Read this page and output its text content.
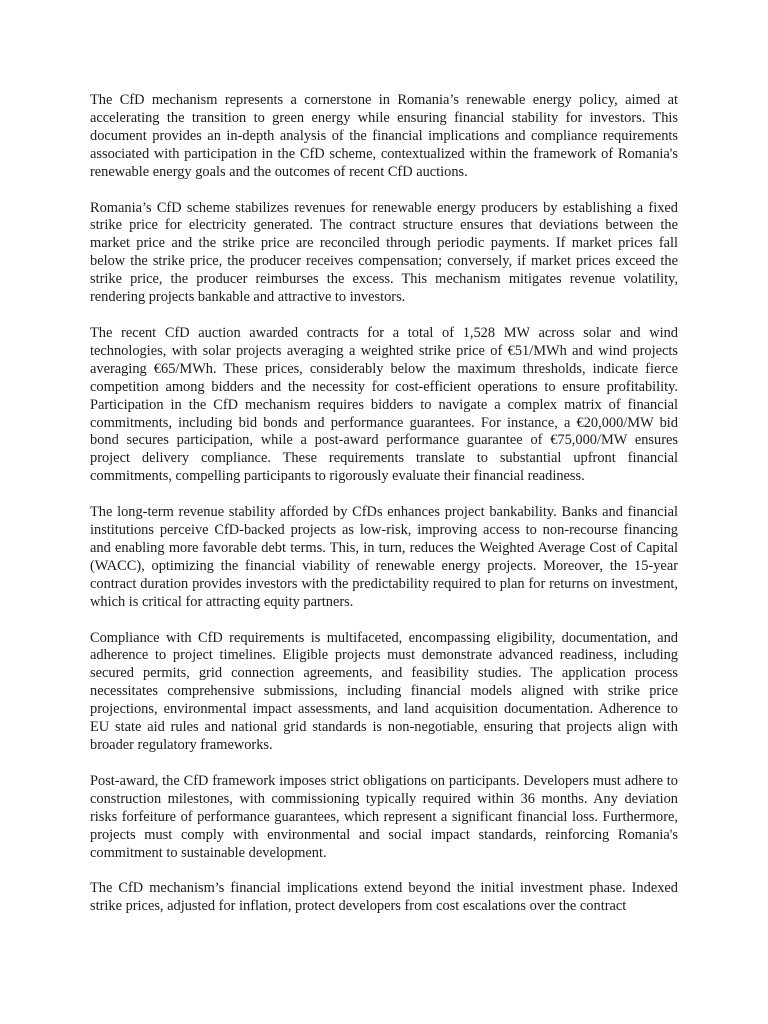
The CfD mechanism represents a cornerstone in Romania’s renewable energy policy, aimed at accelerating the transition to green energy while ensuring financial stability for investors. This document provides an in-depth analysis of the financial implications and compliance requirements associated with participation in the CfD scheme, contextualized within the framework of Romania's renewable energy goals and the outcomes of recent CfD auctions.

Romania’s CfD scheme stabilizes revenues for renewable energy producers by establishing a fixed strike price for electricity generated. The contract structure ensures that deviations between the market price and the strike price are reconciled through periodic payments. If market prices fall below the strike price, the producer receives compensation; conversely, if market prices exceed the strike price, the producer reimburses the excess. This mechanism mitigates revenue volatility, rendering projects bankable and attractive to investors.

The recent CfD auction awarded contracts for a total of 1,528 MW across solar and wind technologies, with solar projects averaging a weighted strike price of €51/MWh and wind projects averaging €65/MWh. These prices, considerably below the maximum thresholds, indicate fierce competition among bidders and the necessity for cost-efficient operations to ensure profitability. Participation in the CfD mechanism requires bidders to navigate a complex matrix of financial commitments, including bid bonds and performance guarantees. For instance, a €20,000/MW bid bond secures participation, while a post-award performance guarantee of €75,000/MW ensures project delivery compliance. These requirements translate to substantial upfront financial commitments, compelling participants to rigorously evaluate their financial readiness.

The long-term revenue stability afforded by CfDs enhances project bankability. Banks and financial institutions perceive CfD-backed projects as low-risk, improving access to non-recourse financing and enabling more favorable debt terms. This, in turn, reduces the Weighted Average Cost of Capital (WACC), optimizing the financial viability of renewable energy projects. Moreover, the 15-year contract duration provides investors with the predictability required to plan for returns on investment, which is critical for attracting equity partners.

Compliance with CfD requirements is multifaceted, encompassing eligibility, documentation, and adherence to project timelines. Eligible projects must demonstrate advanced readiness, including secured permits, grid connection agreements, and feasibility studies. The application process necessitates comprehensive submissions, including financial models aligned with strike price projections, environmental impact assessments, and land acquisition documentation. Adherence to EU state aid rules and national grid standards is non-negotiable, ensuring that projects align with broader regulatory frameworks.

Post-award, the CfD framework imposes strict obligations on participants. Developers must adhere to construction milestones, with commissioning typically required within 36 months. Any deviation risks forfeiture of performance guarantees, which represent a significant financial loss. Furthermore, projects must comply with environmental and social impact standards, reinforcing Romania's commitment to sustainable development.

The CfD mechanism’s financial implications extend beyond the initial investment phase. Indexed strike prices, adjusted for inflation, protect developers from cost escalations over the contract
